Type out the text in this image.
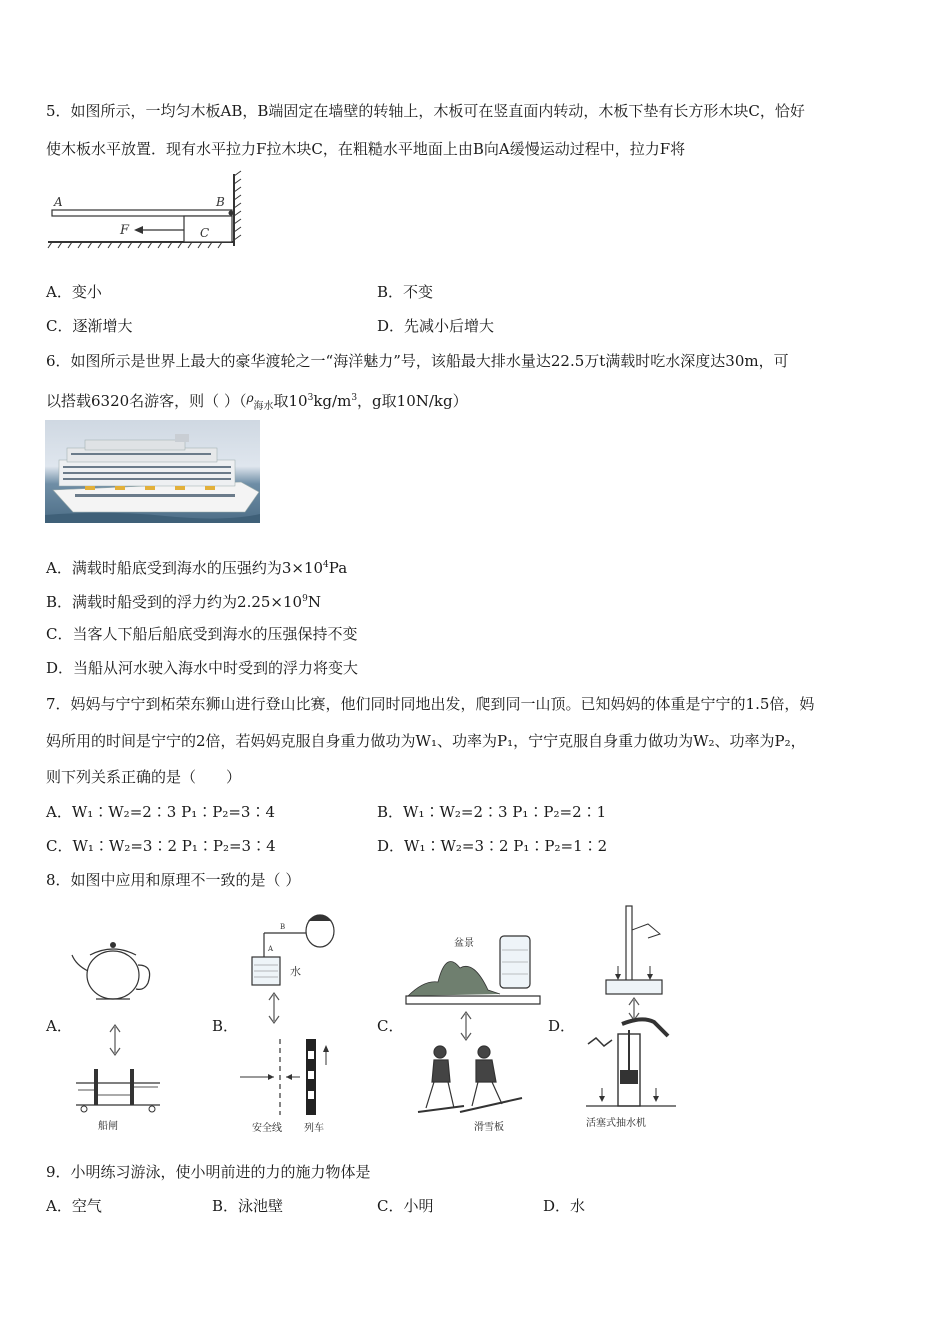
5．如图所示，一均匀木板AB，B端固定在墙壁的转轴上，木板可在竖直面内转动，木板下垫有长方形木块C，恰好
使木板水平放置．现有水平拉力F拉木块C，在粗糙水平地面上由B向A缓慢运动过程中，拉力F将
A	B
F	C
A．变小	B．不变
C．逐渐增大	D．先减小后增大
6．如图所示是世界上最大的豪华渡轮之一“海洋魅力”号，该船最大排水量达22.5万t满载时吃水深度达30m，可
以搭载6320名游客，则（ ）（$^\rho_{海水}$取$10^3kg/m^3$，g取10N/kg）
A．满载时船底受到海水的压强约为$3\times 10^4Pa$
B．满载时船受到的浮力约为$2.25\times 10^9N$
C．当客人下船后船底受到海水的压强保持不变
D．当船从河水驶入海水中时受到的浮力将变大
7．妈妈与宁宁到柘荣东狮山进行登山比赛，他们同时同地出发，爬到同一山顶。已知妈妈的体重是宁宁的1.5倍，妈
妈所用的时间是宁宁的2倍，若妈妈克服自身重力做功为W₁、功率为P₁，宁宁克服自身重力做功为W₂、功率为P₂，
则下列关系正确的是（　　）
A．W₁∶W₂=2∶3 P₁∶P₂=3∶4	B．W₁∶W₂=2∶3 P₁∶P₂=2∶1
C．W₁∶W₂=3∶2 P₁∶P₂=3∶4	D．W₁∶W₂=3∶2 P₁∶P₂=1∶2
8．如图中应用和原理不一致的是（ ）
A．	B．	C．	D．
船闸
B
A
水
安全线 列车
盆景
滑雪板	活塞式抽水机
9．小明练习游泳，使小明前进的力的施力物体是
A．空气	B．泳池壁	C．小明	D．水
